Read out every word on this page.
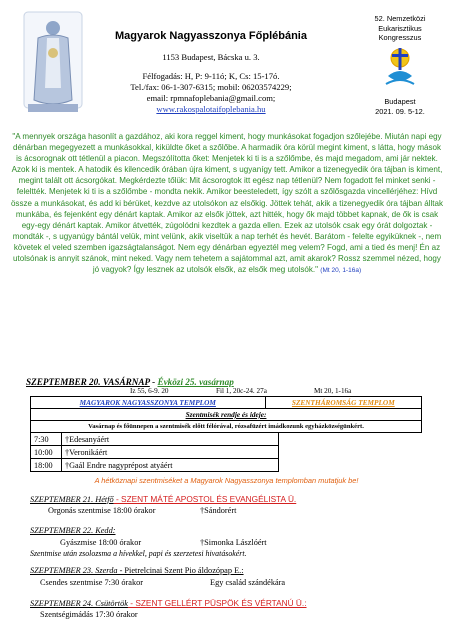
Magyarok Nagyasszonya Főplébánia
1153 Budapest, Bácska u. 3.
Félfogadás: H, P: 9-11ó; K, Cs: 15-17ó.
Tel./fax: 06-1-307-6315; mobil: 06203574229;
email: rpmnafoplebania@gmail.com;
www.rakospalotaifoplebania.hu
52. Nemzetközi
Eukarisztikus
Kongresszus
Budapest
2021. 09. 5-12.
"A mennyek országa hasonlít a gazdához, aki kora reggel kiment, hogy munkásokat fogadjon szőlejébe. Miután napi egy dénárban megegyezett a munkásokkal, kiküldte őket a szőlőbe. A harmadik óra körül megint kiment, s látta, hogy mások is ácsorognak ott tétlenül a piacon. Megszólította őket: Menjetek ki ti is a szőlőmbe, és majd megadom, ami jár nektek. Azok ki is mentek. A hatodik és kilencedik órában újra kiment, s ugyanígy tett. Amikor a tizenegyedik óra tájban is kiment, megint talált ott ácsorgókat. Megkérdezte tőlük: Mit ácsorogtok itt egész nap tétlenül? Nem fogadott fel minket senki - feleltték. Menjetek ki ti is a szőlőmbe - mondta nekik. Amikor beesteledett, így szólt a szőlősgazda vincellérjéhez: Hívd össze a munkásokat, és add ki bérüket, kezdve az utolsókon az elsőkig. Jöttek tehát, akik a tizenegyedik óra tájban álltak munkába, és fejenként egy dénárt kaptak. Amikor az elsők jöttek, azt hitték, hogy ők majd többet kapnak, de ők is csak egy-egy dénárt kaptak. Amikor átvették, zúgolódni kezdtek a gazda ellen. Ezek az utolsók csak egy órát dolgoztak - mondták -, s ugyanúgy bántál velük, mint velünk, akik viseltük a nap terhét és hevét. Barátom - felelte egyiküknek -, nem követek el veled szemben igazságtalanságot. Nem egy dénárban egyeztél meg velem? Fogd, ami a tied és menj! Én az utolsónak is annyit szánok, mint neked. Vagy nem tehetem a sajátommal azt, amit akarok? Rossz szemmel nézed, hogy jó vagyok? Így lesznek az utolsók elsők, az elsők meg utolsók." (Mt 20, 1-16a)
SZEPTEMBER 20. VASÁRNAP - Évközi 25. vasárnap
Iz 55, 6-9. 20	Fil 1, 20c-24. 27a	Mt 20, 1-16a
MAGYAROK NAGYASSZONYA TEMPLOM	SZENTHÁROMSÁG TEMPLOM
Szentmisék rendje és ideje:
Vasárnap és főünnepen a szentmisék előtt félórával, rózsafüzért imádkozunk egyházközségünkért.
7:30	†Edesanyáért
10:00	†Veronikáért
18:00	†Gaál Endre nagyprépost atyáért
A hétköznapi szentmiséket a Magyarok Nagyasszonya templomban mutatjuk be!
SZEPTEMBER 21. Hétfő - SZENT MÁTÉ APOSTOL ÉS EVANGÉLISTA Ü.
Orgonás szentmise 18:00 órakor	†Sándorért
SZEPTEMBER 22. Kedd:
Gyászmise 18:00 órakor	†Simonka Lászlóért
Szentmise után zsolozsma a hívekkel, papi és szerzetesi hivatásokért.
SZEPTEMBER 23. Szerda - Pietrelcinai Szent Pio áldozópap E.:
Csendes szentmise 7:30 órakor	Egy család szándékára
SZEPTEMBER 24. Csütörtök - SZENT GELLÉRT PÜSPÖK ÉS VÉRTANÚ Ü.:
Szentségimádás 17:30 órakor
